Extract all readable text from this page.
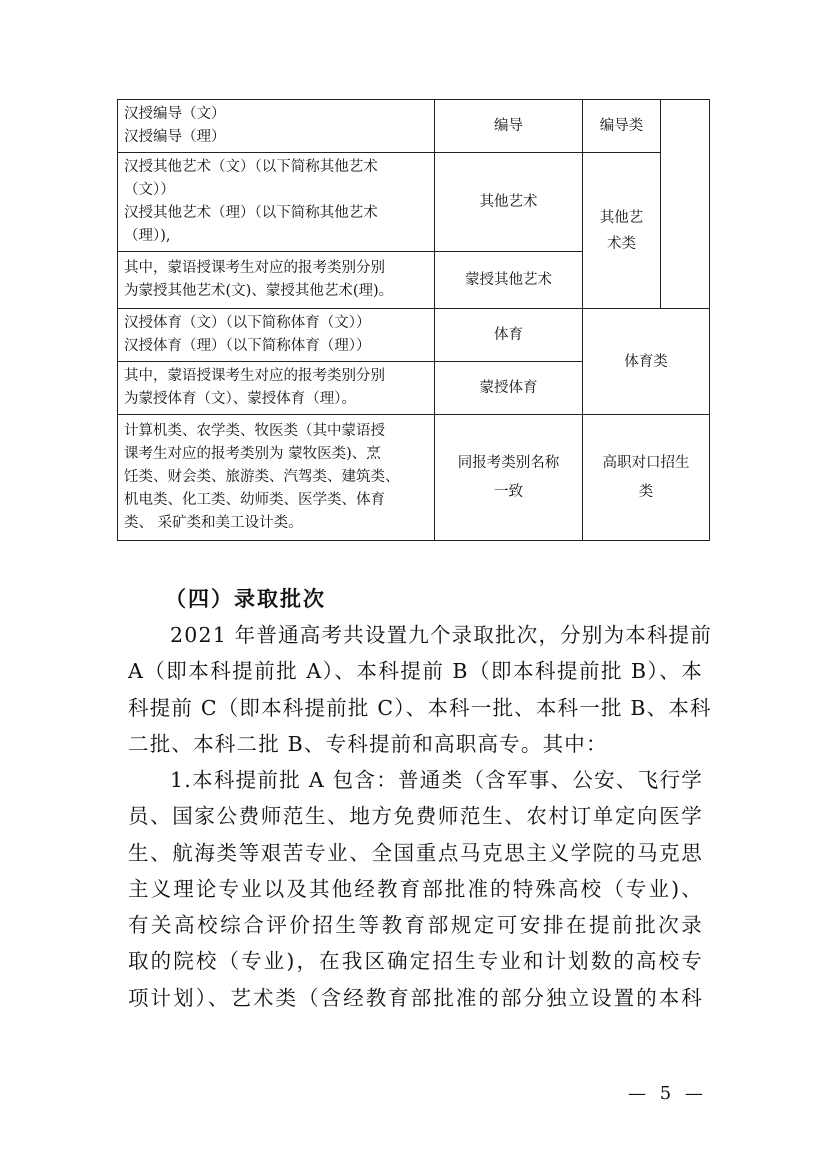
汉授编导（文）
汉授编导（理）	编导	编导类	

汉授其他艺术（文）（以下简称其他艺术
（文））
汉授其他艺术（理）（以下简称其他艺术
（理）),	其他艺术	其他艺
术类	

其中，蒙语授课考生对应的报考类别分别
为蒙授其他艺术(文)、蒙授其他艺术(理)。	蒙授其他艺术		

汉授体育（文）（以下简称体育（文））
汉授体育（理）（以下简称体育（理））	体育	体育类	

其中，蒙语授课考生对应的报考类别分别
为蒙授体育（文）、蒙授体育（理）。	蒙授体育		

计算机类、农学类、牧医类（其中蒙语授
课考生对应的报考类别为 蒙牧医类)、烹
饪类、财会类、旅游类、汽驾类、建筑类、
机电类、化工类、幼师类、医学类、体育
类、 采矿类和美工设计类。	同报考类别名称
一致	高职对口招生
类	
（四）录取批次
2021 年普通高考共设置九个录取批次，分别为本科提前
A（即本科提前批 A）、本科提前 B（即本科提前批 B）、本
科提前 C（即本科提前批 C）、本科一批、本科一批 B、本科
二批、本科二批 B、专科提前和高职高专。其中：
1.本科提前批 A 包含：普通类（含军事、公安、飞行学
员、国家公费师范生、地方免费师范生、农村订单定向医学
生、航海类等艰苦专业、全国重点马克思主义学院的马克思
主义理论专业以及其他经教育部批准的特殊高校（专业)、
有关高校综合评价招生等教育部规定可安排在提前批次录
取的院校（专业)，在我区确定招生专业和计划数的高校专
项计划）、艺术类（含经教育部批准的部分独立设置的本科
— 5 —
